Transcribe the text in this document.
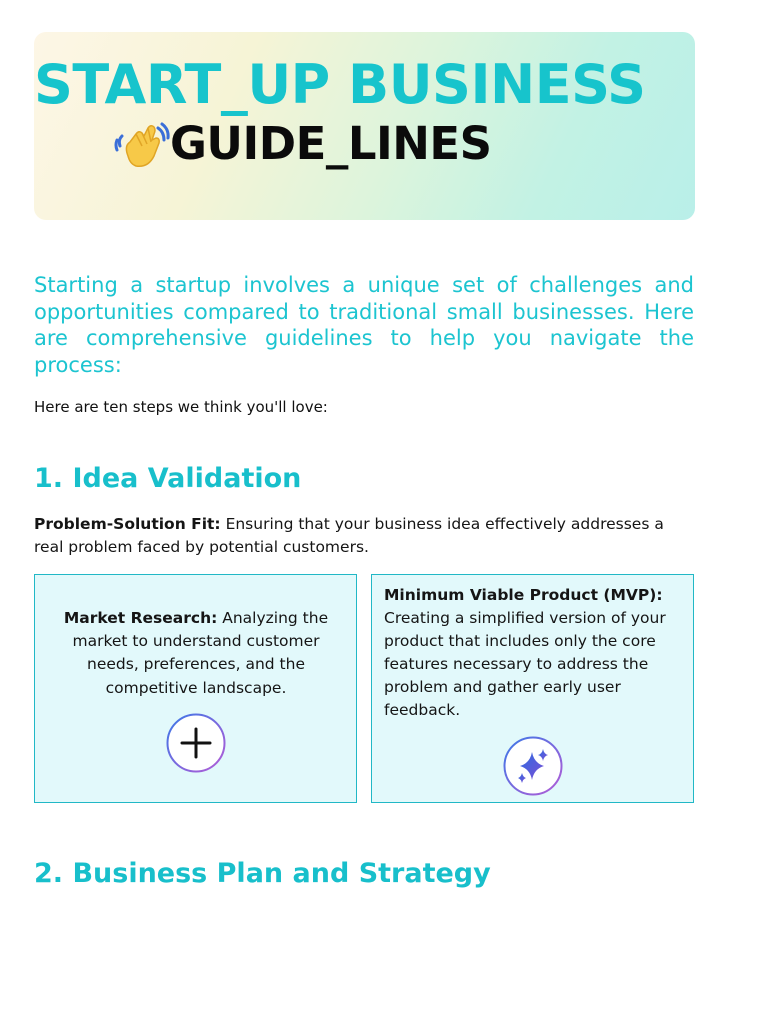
START_UP BUSINESS
GUIDE_LINES

Starting a startup involves a unique set of challenges and opportunities compared to traditional small businesses. Here are comprehensive guidelines to help you navigate the process:

Here are ten steps we think you'll love:

1. Idea Validation

Problem-Solution Fit: Ensuring that your business idea effectively addresses a real problem faced by potential customers.

Market Research: Analyzing the market to understand customer needs, preferences, and the competitive landscape.

Minimum Viable Product (MVP):
Creating a simplified version of your product that includes only the core features necessary to address the problem and gather early user feedback.

2. Business Plan and Strategy
